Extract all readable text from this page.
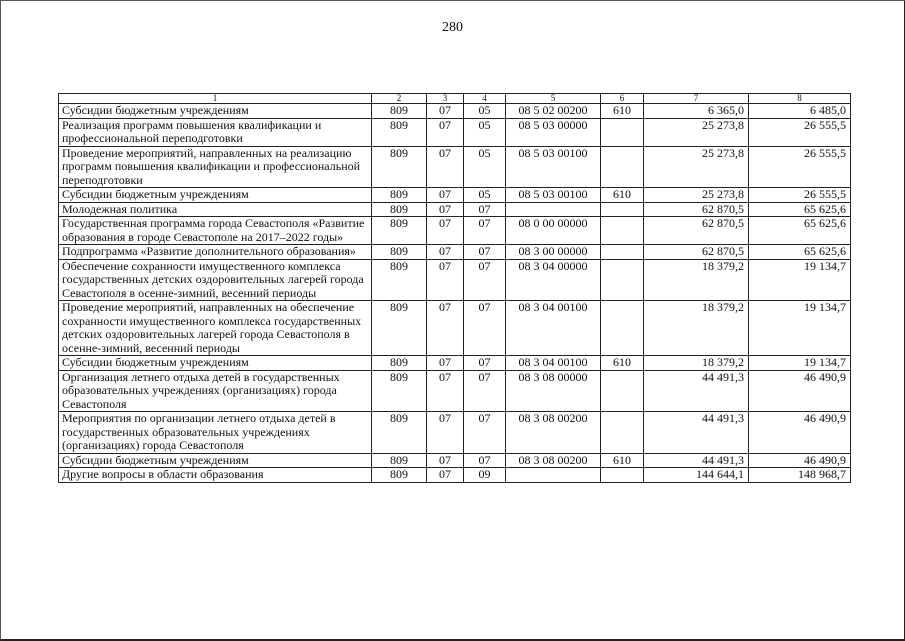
280
1	2	3	4	5	6	7	8
Субсидии бюджетным учреждениям	809	07	05	08 5 02 00200	610	6 365,0	6 485,0
Реализация программ повышения квалификации и профессиональной переподготовки	809	07	05	08 5 03 00000		25 273,8	26 555,5
Проведение мероприятий, направленных на реализацию программ повышения квалификации и профессиональной переподготовки	809	07	05	08 5 03 00100		25 273,8	26 555,5
Субсидии бюджетным учреждениям	809	07	05	08 5 03 00100	610	25 273,8	26 555,5
Молодежная политика	809	07	07			62 870,5	65 625,6
Государственная программа города Севастополя «Развитие образования в городе Севастополе на 2017–2022 годы»	809	07	07	08 0 00 00000		62 870,5	65 625,6
Подпрограмма «Развитие дополнительного образования»	809	07	07	08 3 00 00000		62 870,5	65 625,6
Обеспечение сохранности имущественного комплекса государственных детских оздоровительных лагерей города Севастополя в осенне-зимний, весенний периоды	809	07	07	08 3 04 00000		18 379,2	19 134,7
Проведение мероприятий, направленных на обеспечение сохранности имущественного комплекса государственных детских оздоровительных лагерей города Севастополя в осенне-зимний, весенний периоды	809	07	07	08 3 04 00100		18 379,2	19 134,7
Субсидии бюджетным учреждениям	809	07	07	08 3 04 00100	610	18 379,2	19 134,7
Организация летнего отдыха детей в государственных образовательных учреждениях (организациях) города Севастополя	809	07	07	08 3 08 00000		44 491,3	46 490,9
Мероприятия по организации летнего отдыха детей в государственных образовательных учреждениях (организациях) города Севастополя	809	07	07	08 3 08 00200		44 491,3	46 490,9
Субсидии бюджетным учреждениям	809	07	07	08 3 08 00200	610	44 491,3	46 490,9
Другие вопросы в области образования	809	07	09			144 644,1	148 968,7
